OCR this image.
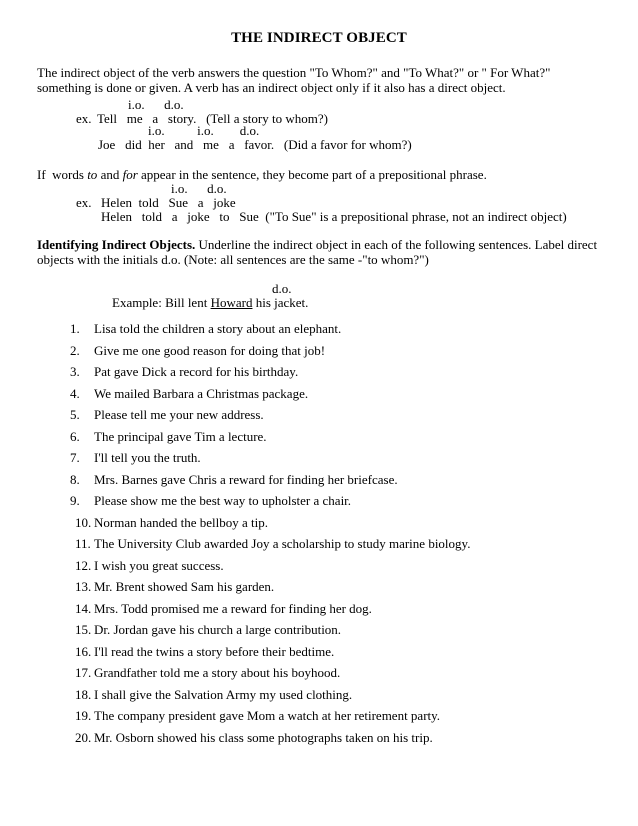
THE INDIRECT OBJECT

The indirect object of the verb answers the question "To Whom?" and "To What?" or " For What?" something is done or given. A verb has an indirect object only if it also has a direct object.

i.o.      d.o.
ex. Tell   me   a   story.   (Tell a story to whom?)
i.o.          i.o.        d.o.
Joe   did  her   and   me   a   favor.   (Did a favor for whom?)
If  words to and for appear in the sentence, they become part of a prepositional phrase.
i.o.      d.o.
ex. Helen  told   Sue   a   joke
Helen   told   a   joke   to   Sue  ("To Sue" is a prepositional phrase, not an indirect object)

Identifying Indirect Objects. Underline the indirect object in each of the following sentences. Label direct objects with the initials d.o. (Note: all sentences are the same -"to whom?")

d.o.
Example: Bill lent Howard his jacket.
1.	Lisa told the children a story about an elephant.
2.	Give me one good reason for doing that job!
3.	Pat gave Dick a record for his birthday.
4.	We mailed Barbara a Christmas package.
5.	Please tell me your new address.
6.	The principal gave Tim a lecture.
7.	I'll tell you the truth.
8.	Mrs. Barnes gave Chris a reward for finding her briefcase.
9.	Please show me the best way to upholster a chair.
10. Norman handed the bellboy a tip.
11. The University Club awarded Joy a scholarship to study marine biology.
12. I wish you great success.
13. Mr. Brent showed Sam his garden.
14. Mrs. Todd promised me a reward for finding her dog.
15. Dr. Jordan gave his church a large contribution.
16. I'll read the twins a story before their bedtime.
17. Grandfather told me a story about his boyhood.
18. I shall give the Salvation Army my used clothing.
19. The company president gave Mom a watch at her retirement party.
20. Mr. Osborn showed his class some photographs taken on his trip.
